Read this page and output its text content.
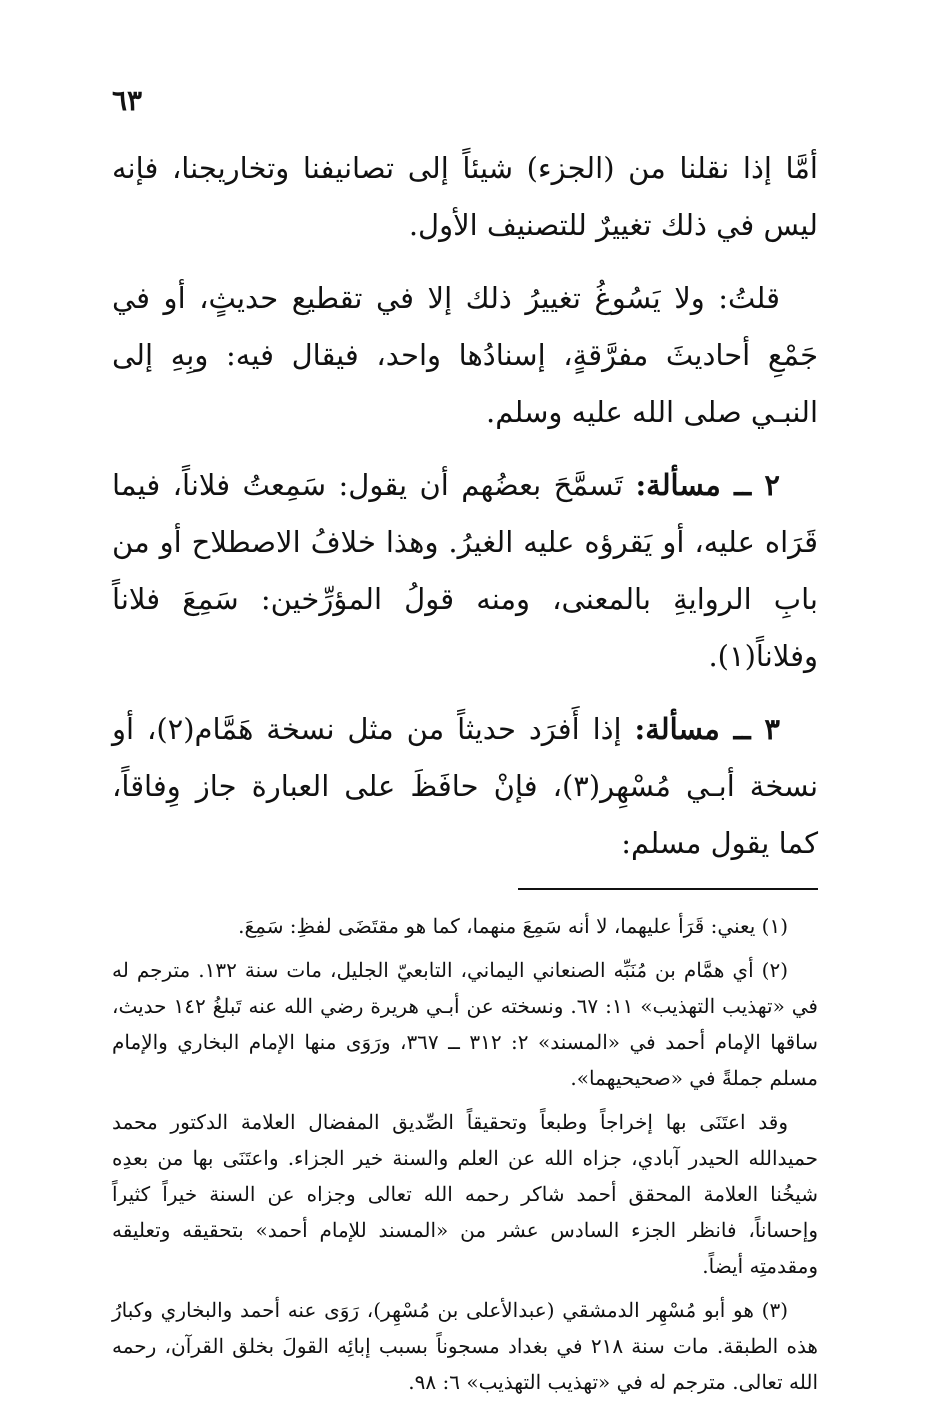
٦٣

أمَّا إذا نقلنا من (الجزء) شيئاً إلى تصانيفنا وتخاريجنا، فإنه ليس في ذلك تغييرٌ للتصنيف الأول.

قلتُ: ولا يَسُوغُ تغييرُ ذلك إلا في تقطيع حديثٍ، أو في جَمْعِ أحاديثَ مفرَّقةٍ، إسنادُها واحد، فيقال فيه: وبِهِ إلى النبـي صلى الله عليه وسلم.

٢ ــ مسألة: تَسمَّحَ بعضُهم أن يقول: سَمِعتُ فلاناً، فيما قَرَاه عليه، أو يَقرؤه عليه الغيرُ. وهذا خلافُ الاصطلاح أو من بابِ الروايةِ بالمعنى، ومنه قولُ المؤرِّخين: سَمِعَ فلاناً وفلاناً(١).

٣ ــ مسألة: إذا أَفرَد حديثاً من مثل نسخة هَمَّام(٢)، أو نسخة أبـي مُسْهِر(٣)، فإنْ حافَظَ على العبارة جاز وِفاقاً، كما يقول مسلم:

(١) يعني: قَرَأ عليهما، لا أنه سَمِعَ منهما، كما هو مقتَضَى لفظِ: سَمِعَ.

(٢) أي همَّام بن مُنَبِّه الصنعاني اليماني، التابعيّ الجليل، مات سنة ١٣٢. مترجم له في «تهذيب التهذيب» ١١: ٦٧. ونسخته عن أبـي هريرة رضي الله عنه تَبلغُ ١٤٢ حديث، ساقها الإمام أحمد في «المسند» ٢: ٣١٢ ــ ٣٦٧، ورَوَى منها الإمام البخاري والإمام مسلم جملةً في «صحيحيهما».

وقد اعتَنَى بها إخراجاً وطبعاً وتحقيقاً الصِّديق المفضال العلامة الدكتور محمد حميدالله الحيدر آبادي، جزاه الله عن العلم والسنة خير الجزاء. واعتَنَى بها من بعدِه شيخُنا العلامة المحقق أحمد شاكر رحمه الله تعالى وجزاه عن السنة خيراً كثيراً وإحساناً، فانظر الجزء السادس عشر من «المسند للإمام أحمد» بتحقيقه وتعليقه ومقدمتِه أيضاً.

(٣) هو أبو مُسْهِر الدمشقي (عبدالأعلى بن مُسْهِر)، رَوَى عنه أحمد والبخاري وكبارُ هذه الطبقة. مات سنة ٢١٨ في بغداد مسجوناً بسبب إبائِه القولَ بخلق القرآن، رحمه الله تعالى. مترجم له في «تهذيب التهذيب» ٦: ٩٨.
